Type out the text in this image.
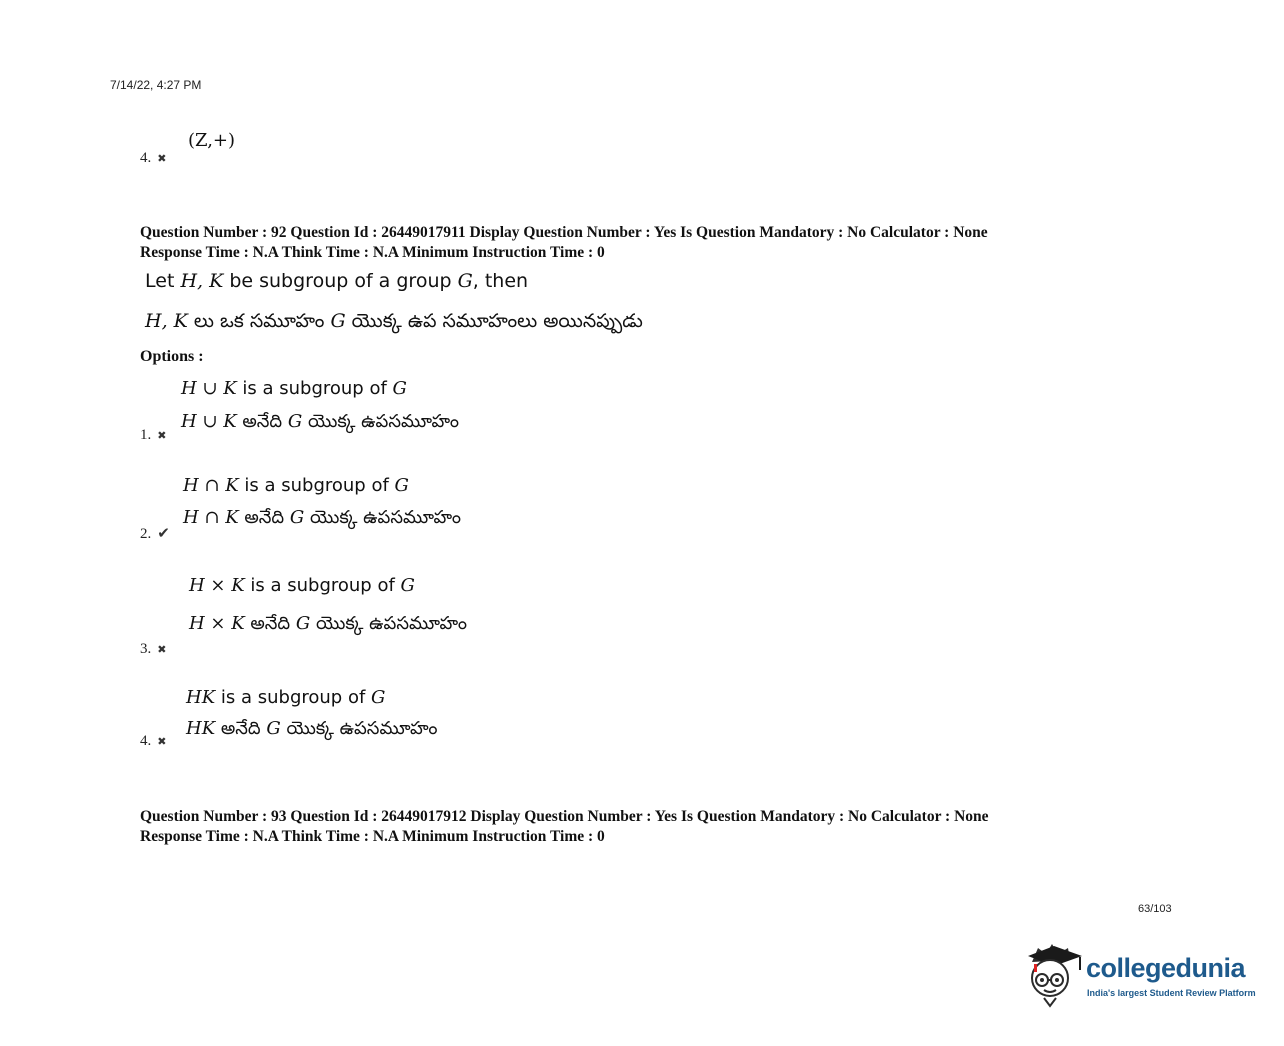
7/14/22, 4:27 PM
4. ✖
(Z,+)
Question Number : 92 Question Id : 26449017911 Display Question Number : Yes Is Question Mandatory : No Calculator : None
Response Time : N.A Think Time : N.A Minimum Instruction Time : 0
Let H, K be subgroup of a group G, then
H, K లు ఒక సమూహం G యొక్క ఉప సమూహంలు అయినప్పుడు
Options :
H ∪ K is a subgroup of G
H ∪ K అనేది G యొక్క ఉపసమూహం
1. ✖
H ∩ K is a subgroup of G
H ∩ K అనేది G యొక్క ఉపసమూహం
2. ✔
H × K is a subgroup of G
H × K అనేది G యొక్క ఉపసమూహం
3. ✖
HK is a subgroup of G
HK అనేది G యొక్క ఉపసమూహం
4. ✖
Question Number : 93 Question Id : 26449017912 Display Question Number : Yes Is Question Mandatory : No Calculator : None
Response Time : N.A Think Time : N.A Minimum Instruction Time : 0
63/103
collegedunia
India's largest Student Review Platform
